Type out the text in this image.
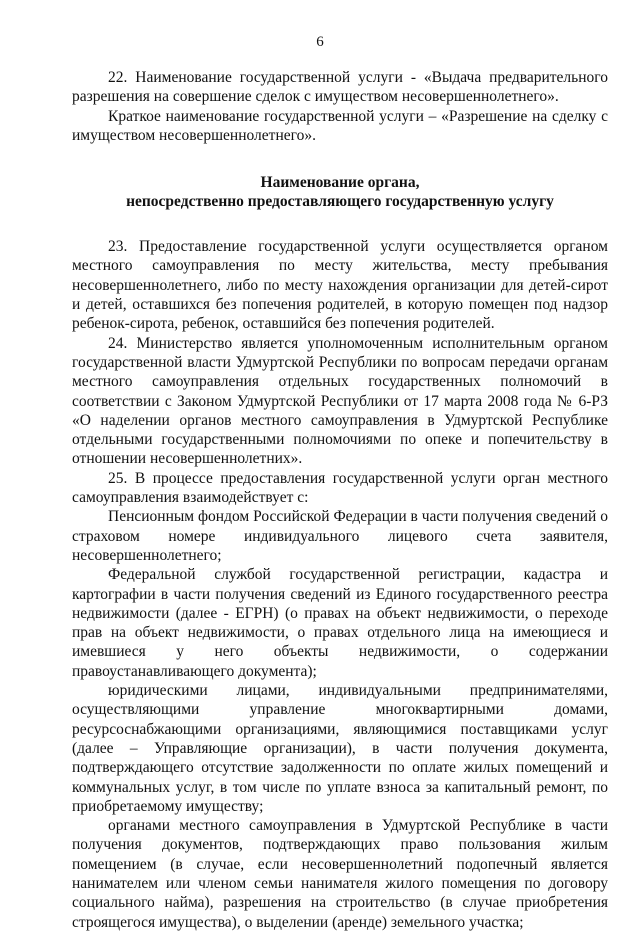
6

22. Наименование государственной услуги - «Выдача предварительного разрешения на совершение сделок с имуществом несовершеннолетнего».

Краткое наименование государственной услуги – «Разрешение на сделку с имуществом несовершеннолетнего».

Наименование органа,
непосредственно предоставляющего государственную услугу

23. Предоставление государственной услуги осуществляется органом местного самоуправления по месту жительства, месту пребывания несовершеннолетнего, либо по месту нахождения организации для детей-сирот и детей, оставшихся без попечения родителей, в которую помещен под надзор ребенок-сирота, ребенок, оставшийся без попечения родителей.

24. Министерство является уполномоченным исполнительным органом государственной власти Удмуртской Республики по вопросам передачи органам местного самоуправления отдельных государственных полномочий в соответствии с Законом Удмуртской Республики от 17 марта 2008 года № 6-РЗ «О наделении органов местного самоуправления в Удмуртской Республике отдельными государственными полномочиями по опеке и попечительству в отношении несовершеннолетних».

25. В процессе предоставления государственной услуги орган местного самоуправления взаимодействует с:

Пенсионным фондом Российской Федерации в части получения сведений о страховом номере индивидуального лицевого счета заявителя, несовершеннолетнего;

Федеральной службой государственной регистрации, кадастра и картографии в части получения сведений из Единого государственного реестра недвижимости (далее - ЕГРН) (о правах на объект недвижимости, о переходе прав на объект недвижимости, о правах отдельного лица на имеющиеся и имевшиеся у него объекты недвижимости, о содержании правоустанавливающего документа);

юридическими лицами, индивидуальными предпринимателями, осуществляющими управление многоквартирными домами, ресурсоснабжающими организациями, являющимися поставщиками услуг (далее – Управляющие организации), в части получения документа, подтверждающего отсутствие задолженности по оплате жилых помещений и коммунальных услуг, в том числе по уплате взноса за капитальный ремонт, по приобретаемому имуществу;

органами местного самоуправления в Удмуртской Республике в части получения документов, подтверждающих право пользования жилым помещением (в случае, если несовершеннолетний подопечный является нанимателем или членом семьи нанимателя жилого помещения по договору социального найма), разрешения на строительство (в случае приобретения строящегося имущества), о выделении (аренде) земельного участка;
